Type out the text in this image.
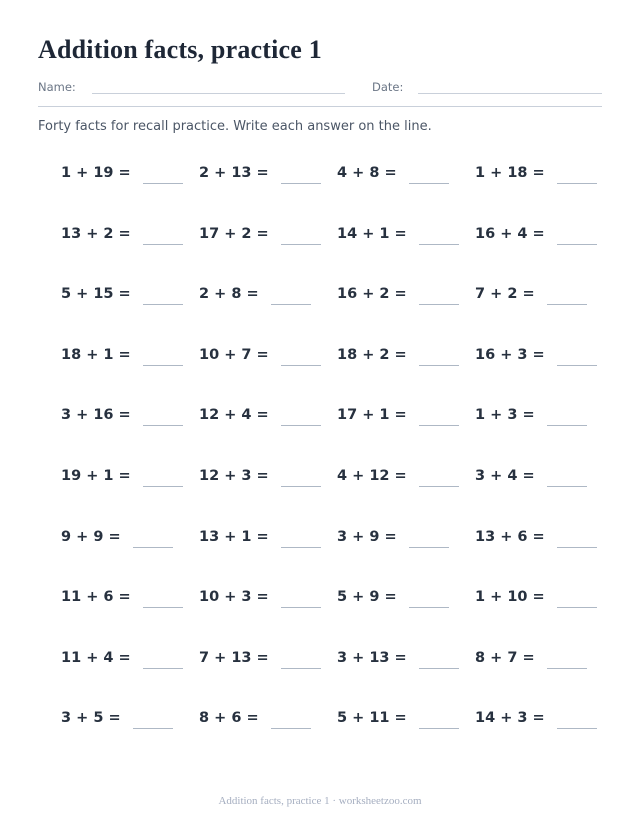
Addition facts, practice 1
Name:	Date:

Forty facts for recall practice. Write each answer on the line.

1 + 19 =	2 + 13 =	4 + 8 =	1 + 18 =
13 + 2 =	17 + 2 =	14 + 1 =	16 + 4 =
5 + 15 =	2 + 8 =	16 + 2 =	7 + 2 =
18 + 1 =	10 + 7 =	18 + 2 =	16 + 3 =
3 + 16 =	12 + 4 =	17 + 1 =	1 + 3 =
19 + 1 =	12 + 3 =	4 + 12 =	3 + 4 =
9 + 9 =	13 + 1 =	3 + 9 =	13 + 6 =
11 + 6 =	10 + 3 =	5 + 9 =	1 + 10 =
11 + 4 =	7 + 13 =	3 + 13 =	8 + 7 =
3 + 5 =	8 + 6 =	5 + 11 =	14 + 3 =
Addition facts, practice 1 · worksheetzoo.com
